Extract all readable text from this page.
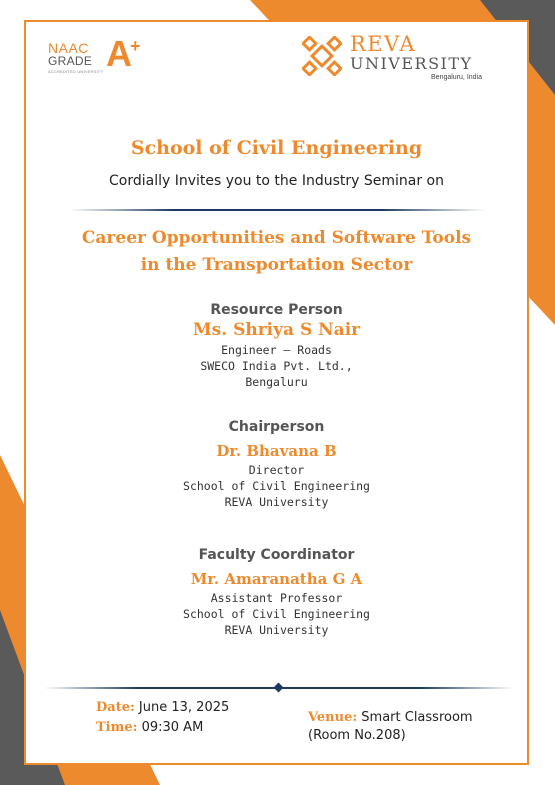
NAAC
GRADE
ACCREDITED UNIVERSITY A
+	REVA
UNIVERSITY
Bengaluru, India
School of Civil Engineering
Cordially Invites you to the Industry Seminar on
Career Opportunities and Software Tools
in the Transportation Sector
Resource Person
Ms. Shriya S Nair
Engineer – Roads
SWECO India Pvt. Ltd.,
Bengaluru
Chairperson
Dr. Bhavana B
Director
School of Civil Engineering
REVA University
Faculty Coordinator
Mr. Amaranatha G A
Assistant Professor
School of Civil Engineering
REVA University
Date: June 13, 2025
Time: 09:30 AM
Venue: Smart Classroom
(Room No.208)
